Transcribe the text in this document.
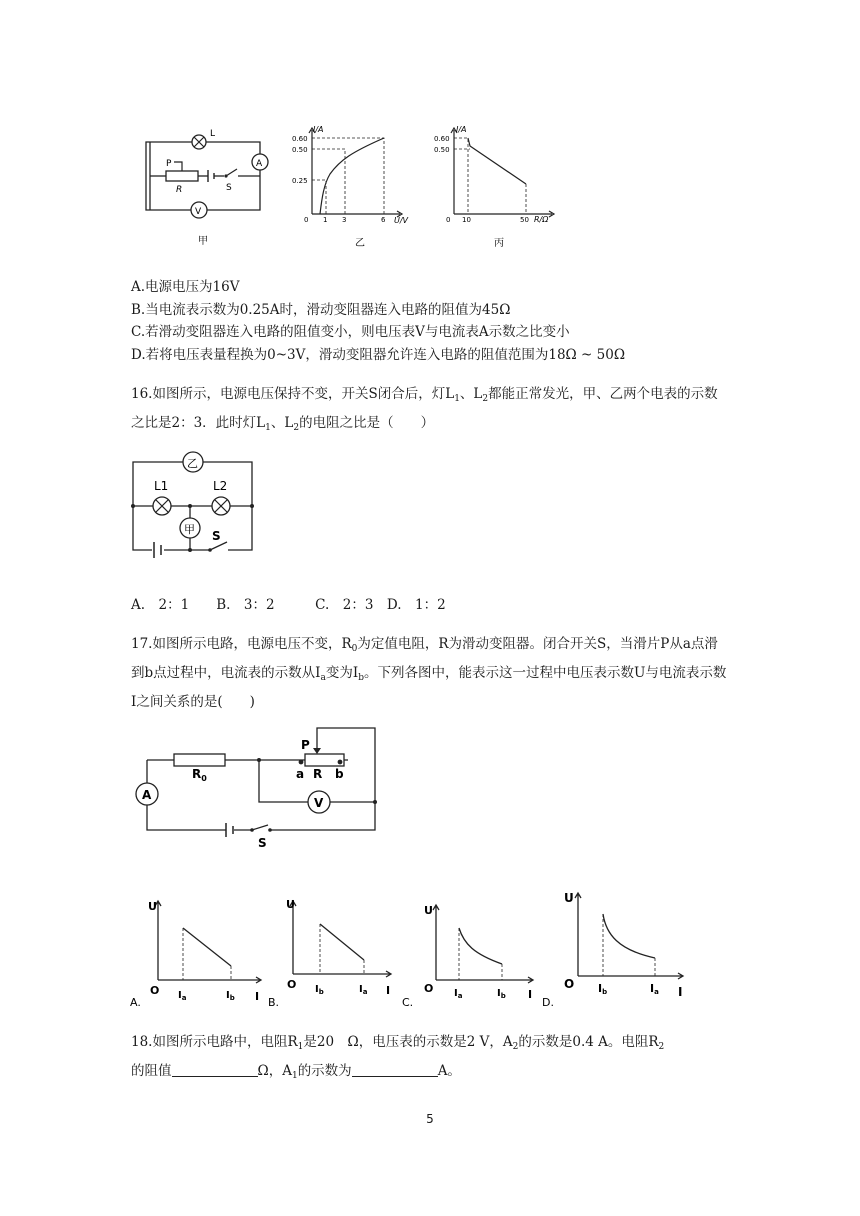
L
P
R	S
A
V
甲
I/A
0.60
0.50
0.25
0 1 3	6 U/V
乙
I/A
0.60
0.50
0 10	50 R/Ω
丙
A.电源电压为16V
B.当电流表示数为0.25A时，滑动变阻器连入电路的阻值为45Ω
C.若滑动变阻器连入电路的阻值变小，则电压表V与电流表A示数之比变小
D.若将电压表量程换为0~3V，滑动变阻器允许连入电路的阻值范围为18Ω ~ 50Ω
16.如图所示，电源电压保持不变，开关S闭合后，灯$L_1$、$L_2$都能正常发光，甲、乙两个电表的示数之比是2：3．此时灯$L_1$、$L_2$的电阻之比是（　　）
乙
L1	L2
甲 S
A.　2：1　　B.　3：2　　　C.　2：3　D.　1：2
17.如图所示电路，电源电压不变，$R_0$为定值电阻，R为滑动变阻器。闭合开关S，当滑片P从a点滑到b点过程中，电流表的示数从$I_a$变为$I_b$。下列各图中，能表示这一过程中电压表示数U与电流表示数I之间关系的是(　　)
$R_0$
P
a R b
A
V
S
U
O $I_a$	$I_b$ I
A.
U
O $I_b$	$I_a$ I
B.
U
O $I_a$	$I_b$ I
C.
U
O Ib	Ia I
D.
18.如图所示电路中，电阻$R_1$是20　Ω，电压表的示数是2 V，$A_2$的示数是0.4 A。电阻$R_2$
的阻值	Ω，$A_1$的示数为	A。
5
